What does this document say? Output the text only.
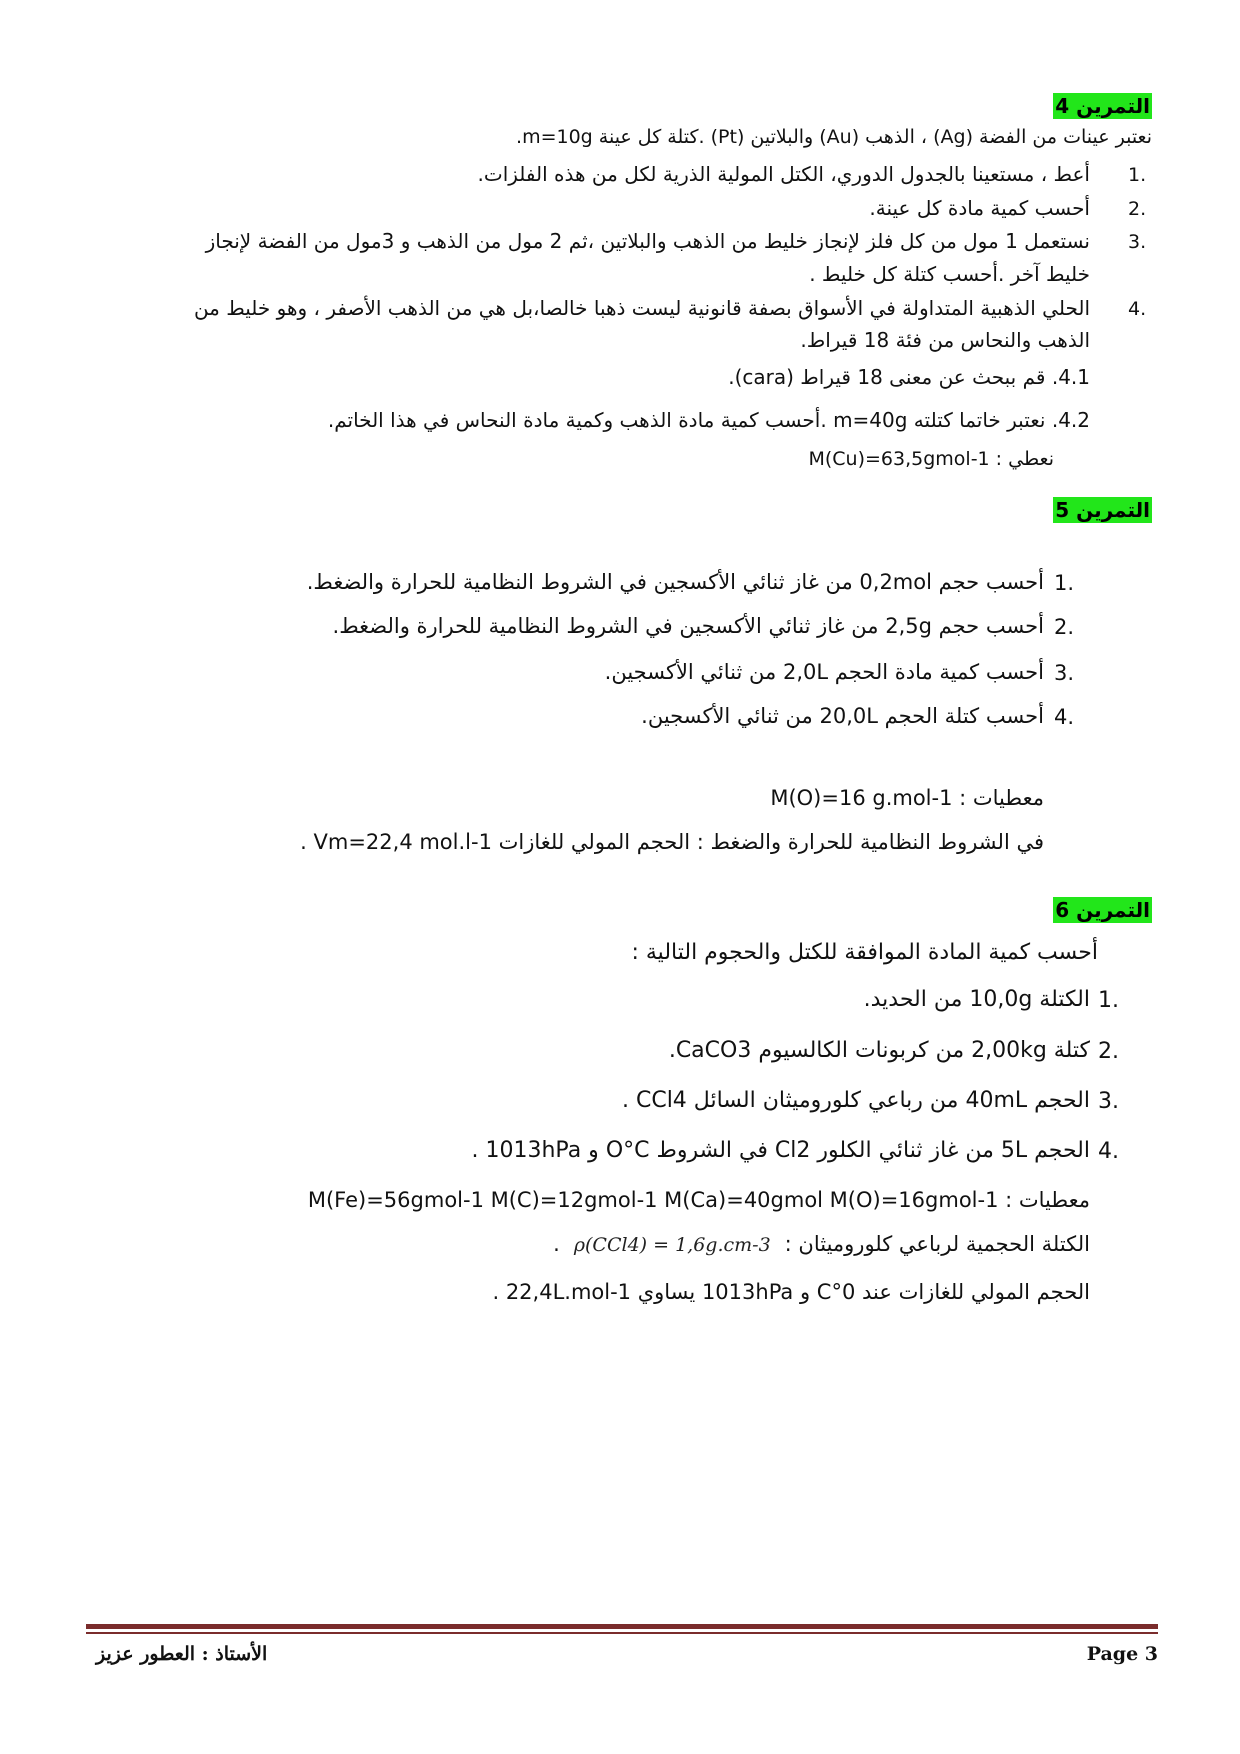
التمرين 4
نعتبر عينات من الفضة (Ag) ، الذهب (Au) والبلاتين (Pt) .كتلة كل عينة m=10g.
أعط ، مستعينا بالجدول الدوري، الكتل المولية الذرية لكل من هذه الفلزات. 1.
أحسب كمية مادة كل عينة. 2.
نستعمل 1 مول من كل فلز لإنجاز خليط من الذهب والبلاتين ،ثم 2 مول من الذهب و 3مول من الفضة لإنجاز 3.
خليط آخر .أحسب كتلة كل خليط .
الحلي الذهبية المتداولة في الأسواق بصفة قانونية ليست ذهبا خالصا،بل هي من الذهب الأصفر ، وهو خليط من 4.
الذهب والنحاس من فئة 18 قيراط.
4.1. قم ببحث عن معنى 18 قيراط (cara).
4.2. نعتبر خاتما كتلته m=40g .أحسب كمية مادة الذهب وكمية مادة النحاس في هذا الخاتم.
نعطي : M(Cu)=63,5gmol-1
التمرين 5
أحسب حجم 0,2mol من غاز ثنائي الأكسجين في الشروط النظامية للحرارة والضغط. 1.
أحسب حجم 2,5g من غاز ثنائي الأكسجين في الشروط النظامية للحرارة والضغط. 2.
أحسب كمية مادة الحجم 2,0L من ثنائي الأكسجين. 3.
أحسب كتلة الحجم 20,0L من ثنائي الأكسجين. 4.
معطيات : M(O)=16 g.mol-1
في الشروط النظامية للحرارة والضغط : الحجم المولي للغازات Vm=22,4 mol.l-1 .
التمرين 6
أحسب كمية المادة الموافقة للكتل والحجوم التالية :
الكتلة 10,0g من الحديد. 1.
كتلة 2,00kg من كربونات الكالسيوم CaCO3. 2.
الحجم 40mL من رباعي كلوروميثان السائل CCl4 . 3.
الحجم 5L من غاز ثنائي الكلور Cl2 في الشروط O°C و 1013hPa . 4.
معطيات : M(Fe)=56gmol-1 M(C)=12gmol-1 M(Ca)=40gmol M(O)=16gmol-1
الكتلة الحجمية لرباعي كلوروميثان :
ρ(CCl4) = 1,6g.cm-3
.
الحجم المولي للغازات عند 0°C و 1013hPa يساوي 22,4L.mol-1 .
الأستاذ : العطور عزيز	Page 3
